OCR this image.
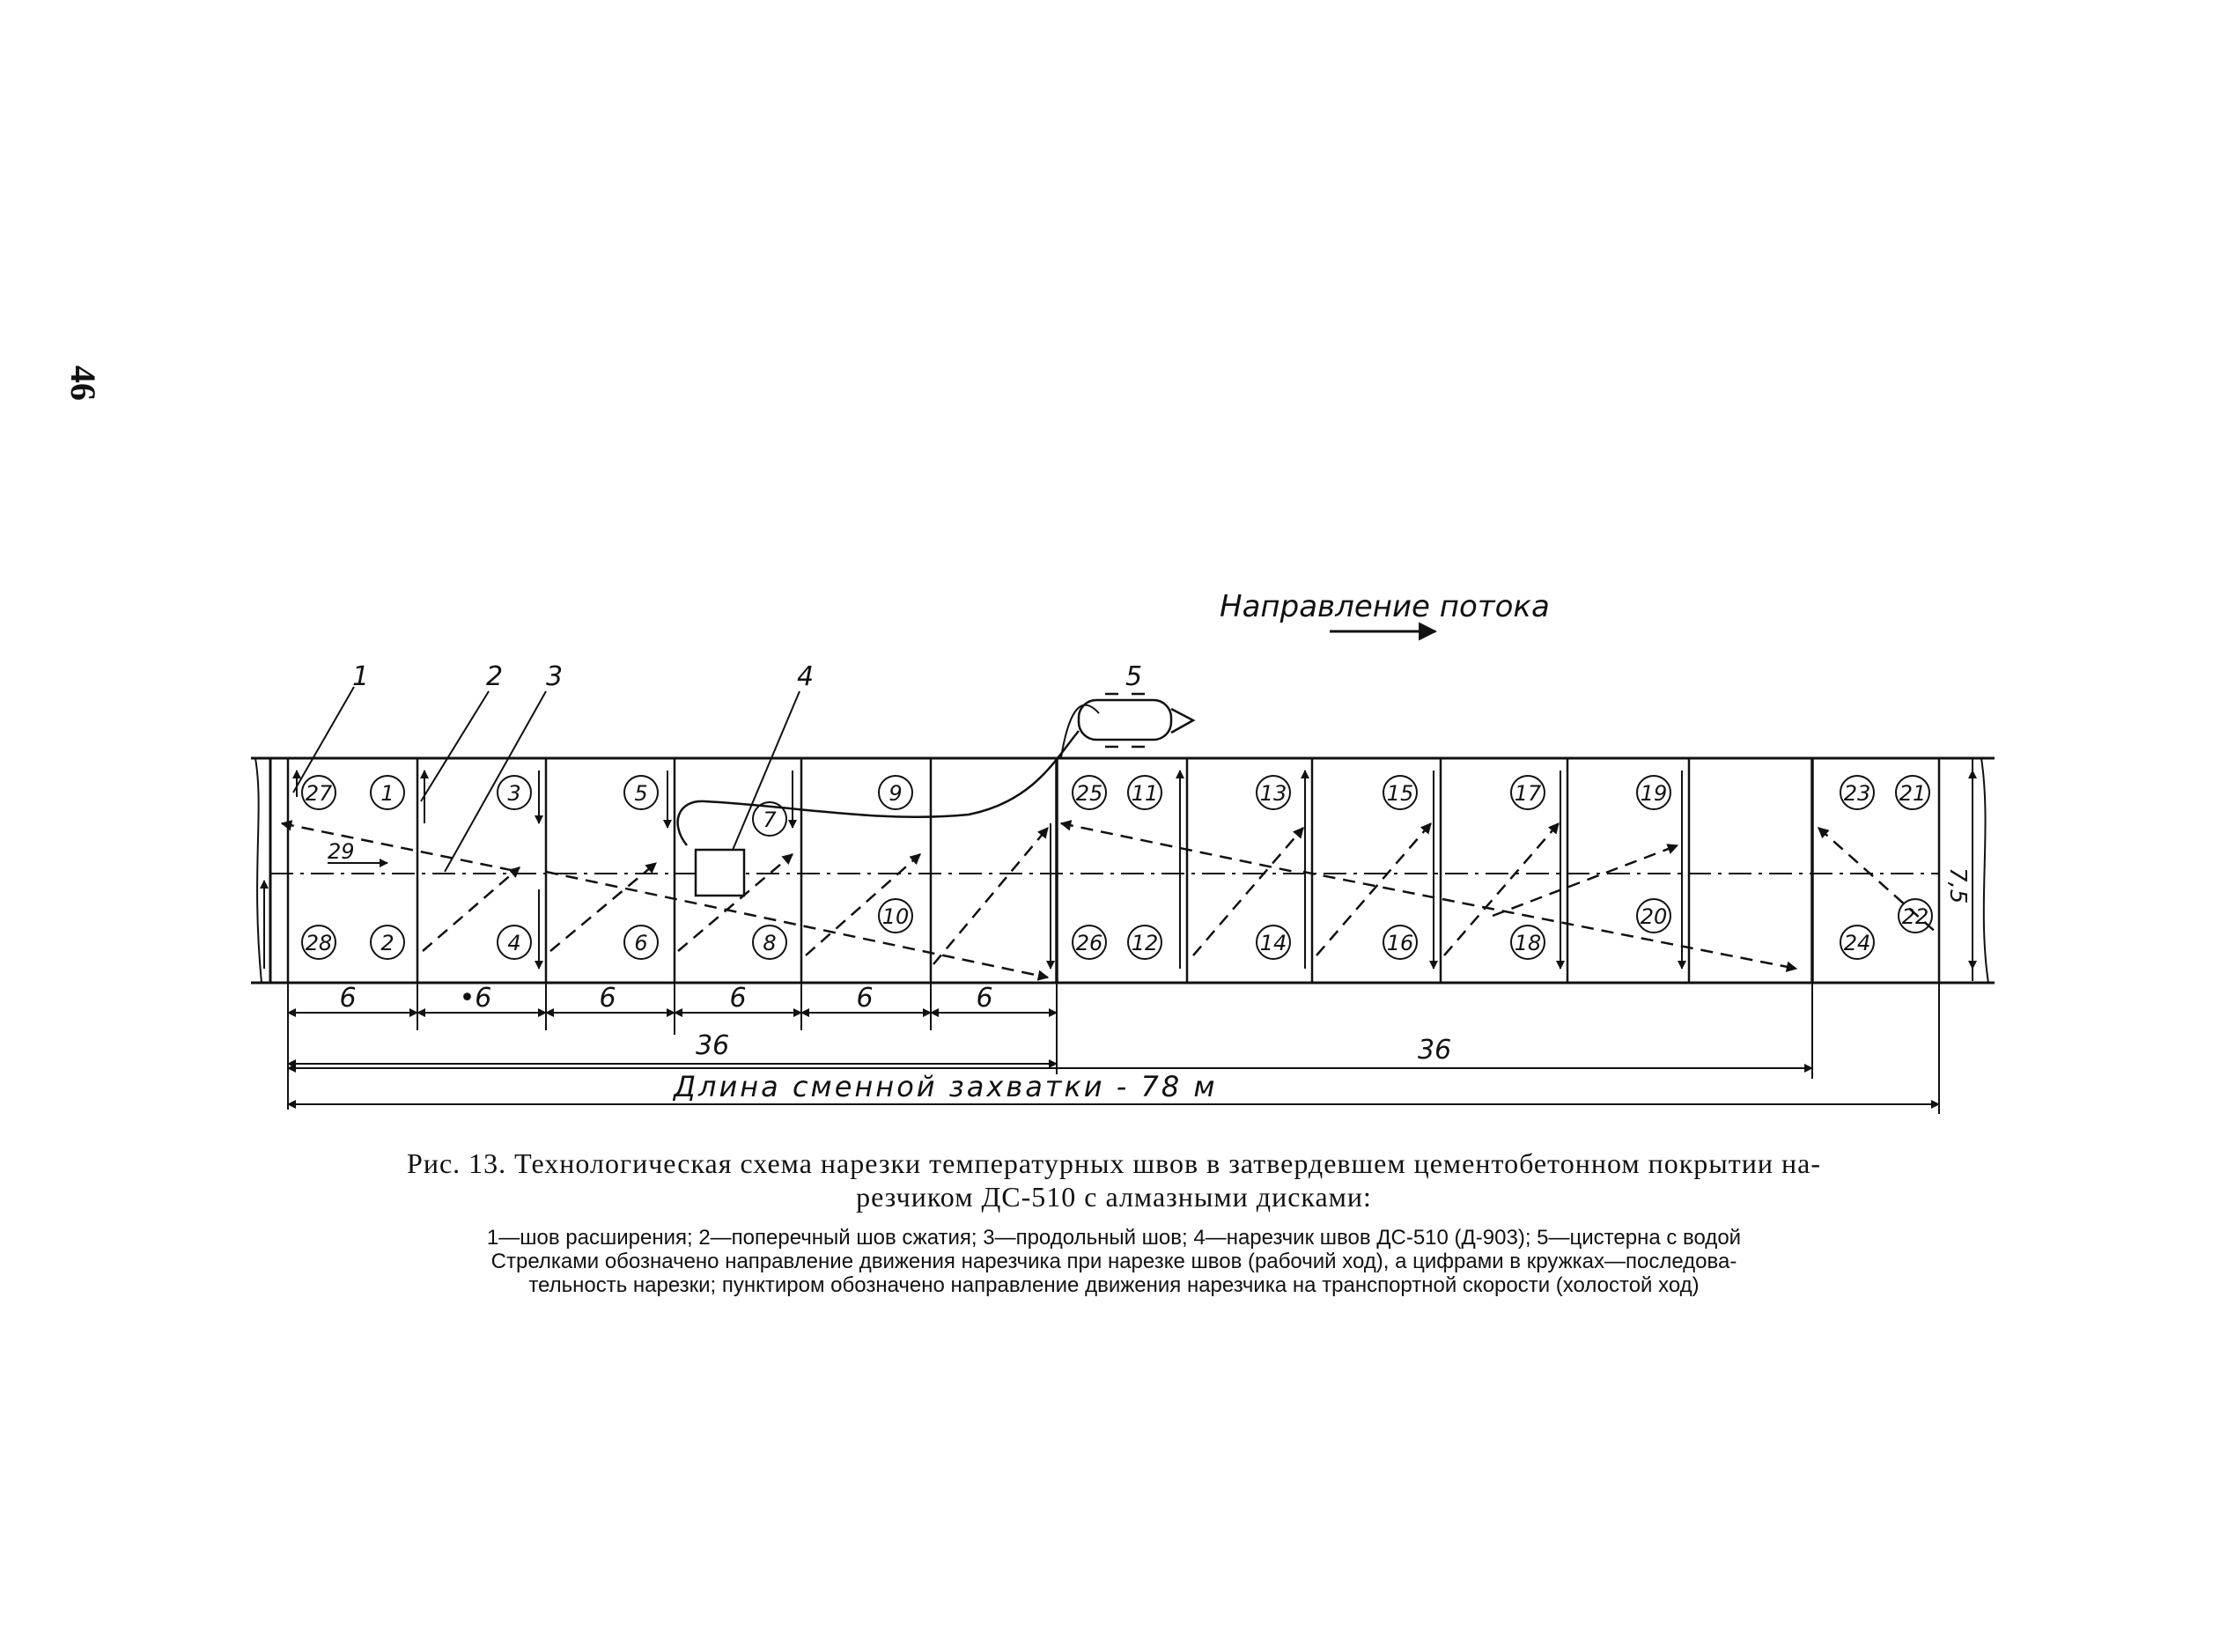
46
Направление потока
1	2 3	4	5
27 1	3	5
7
9	25 11	13	15	17	19	23 21
28 2	4	6	8
10
26 12	14	16	18
20
24
22
29
7,5
6	•6	6	6	6	6
36	36
Длина сменной захватки - 78 м
Рис. 13. Технологическая схема нарезки температурных швов в затвердевшем цементобетонном покрытии на-
резчиком ДС-510 с алмазными дисками:
1—шов расширения; 2—поперечный шов сжатия; 3—продольный шов; 4—нарезчик швов ДС-510 (Д-903); 5—цистерна с водой
Стрелками обозначено направление движения нарезчика при нарезке швов (рабочий ход), а цифрами в кружках—последова-
тельность нарезки; пунктиром обозначено направление движения нарезчика на транспортной скорости (холостой ход)
